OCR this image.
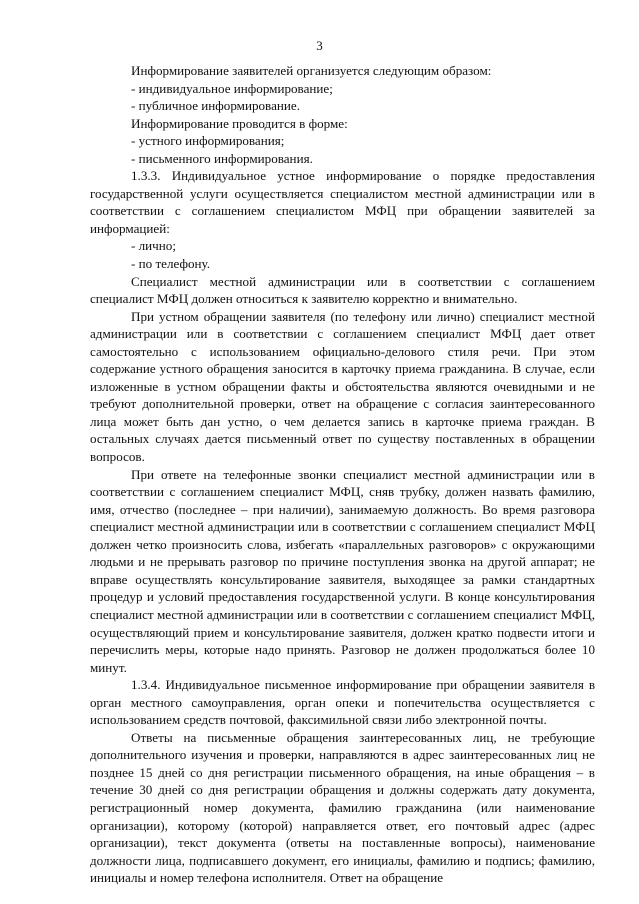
3

Информирование заявителей организуется следующим образом:

- индивидуальное информирование;

- публичное информирование.

Информирование проводится в форме:

- устного информирования;

- письменного информирования.

1.3.3. Индивидуальное устное информирование о порядке предоставления государственной услуги осуществляется специалистом местной администрации или в соответствии с соглашением специалистом МФЦ при обращении заявителей за информацией:

- лично;

- по телефону.

Специалист местной администрации или в соответствии с соглашением специалист МФЦ должен относиться к заявителю корректно и внимательно.

При устном обращении заявителя (по телефону или лично) специалист местной администрации или в соответствии с соглашением специалист МФЦ дает ответ самостоятельно с использованием официально-делового стиля речи. При этом содержание устного обращения заносится в карточку приема гражданина. В случае, если изложенные в устном обращении факты и обстоятельства являются очевидными и не требуют дополнительной проверки, ответ на обращение с согласия заинтересованного лица может быть дан устно, о чем делается запись в карточке приема граждан. В остальных случаях дается письменный ответ по существу поставленных в обращении вопросов.

При ответе на телефонные звонки специалист местной администрации или в соответствии с соглашением специалист МФЦ, сняв трубку, должен назвать фамилию, имя, отчество (последнее – при наличии), занимаемую должность. Во время разговора специалист местной администрации или в соответствии с соглашением специалист МФЦ должен четко произносить слова, избегать «параллельных разговоров» с окружающими людьми и не прерывать разговор по причине поступления звонка на другой аппарат; не вправе осуществлять консультирование заявителя, выходящее за рамки стандартных процедур и условий предоставления государственной услуги. В конце консультирования специалист местной администрации или в соответствии с соглашением специалист МФЦ, осуществляющий прием и консультирование заявителя, должен кратко подвести итоги и перечислить меры, которые надо принять. Разговор не должен продолжаться более 10 минут.

1.3.4. Индивидуальное письменное информирование при обращении заявителя в орган местного самоуправления, орган опеки и попечительства осуществляется с использованием средств почтовой, факсимильной связи либо электронной почты.

Ответы на письменные обращения заинтересованных лиц, не требующие дополнительного изучения и проверки, направляются в адрес заинтересованных лиц не позднее 15 дней со дня регистрации письменного обращения, на иные обращения – в течение 30 дней со дня регистрации обращения и должны содержать дату документа, регистрационный номер документа, фамилию гражданина (или наименование организации), которому (которой) направляется ответ, его почтовый адрес (адрес организации), текст документа (ответы на поставленные вопросы), наименование должности лица, подписавшего документ, его инициалы, фамилию и подпись; фамилию, инициалы и номер телефона исполнителя. Ответ на обращение
